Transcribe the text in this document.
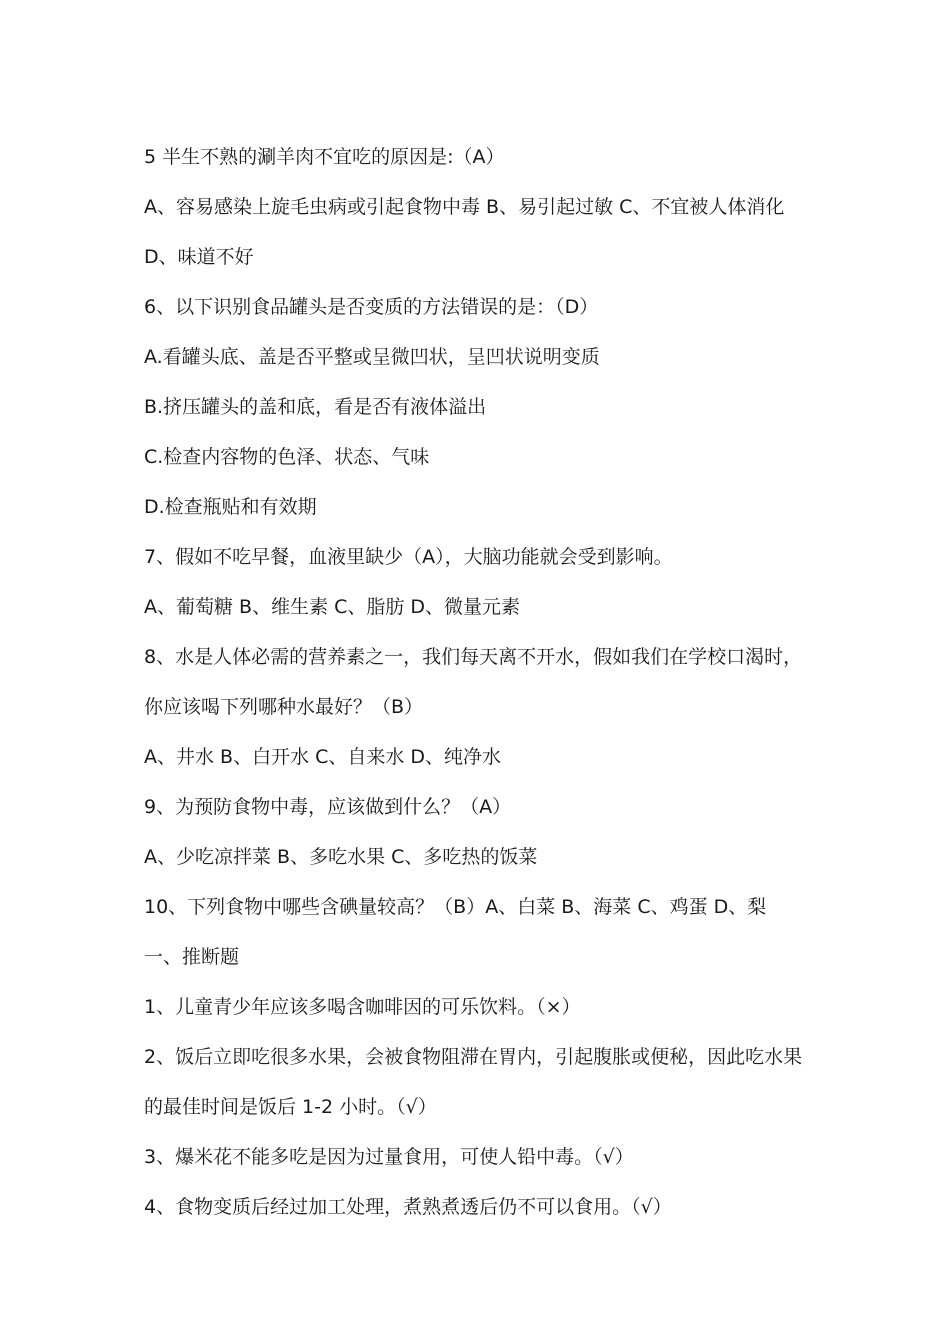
5 半生不熟的涮羊肉不宜吃的原因是:（A）
A、容易感染上旋毛虫病或引起食物中毒 B、易引起过敏 C、不宜被人体消化
D、味道不好
6、以下识别食品罐头是否变质的方法错误的是：（D）
A.看罐头底、盖是否平整或呈微凹状，呈凹状说明变质
B.挤压罐头的盖和底，看是否有液体溢出
C.检查内容物的色泽、状态、气味
D.检查瓶贴和有效期
7、假如不吃早餐，血液里缺少（A），大脑功能就会受到影响。
A、葡萄糖 B、维生素 C、脂肪 D、微量元素
8、水是人体必需的营养素之一，我们每天离不开水，假如我们在学校口渴时，
你应该喝下列哪种水最好？（B）
A、井水 B、白开水 C、自来水 D、纯净水
9、为预防食物中毒，应该做到什么？（A）
A、少吃凉拌菜 B、多吃水果 C、多吃热的饭菜
10、下列食物中哪些含碘量较高？（B）A、白菜 B、海菜 C、鸡蛋 D、梨
一、推断题
1、儿童青少年应该多喝含咖啡因的可乐饮料。（×）
2、饭后立即吃很多水果，会被食物阻滞在胃内，引起腹胀或便秘，因此吃水果
的最佳时间是饭后 1-2 小时。（√）
3、爆米花不能多吃是因为过量食用，可使人铅中毒。（√）
4、食物变质后经过加工处理，煮熟煮透后仍不可以食用。（√）
